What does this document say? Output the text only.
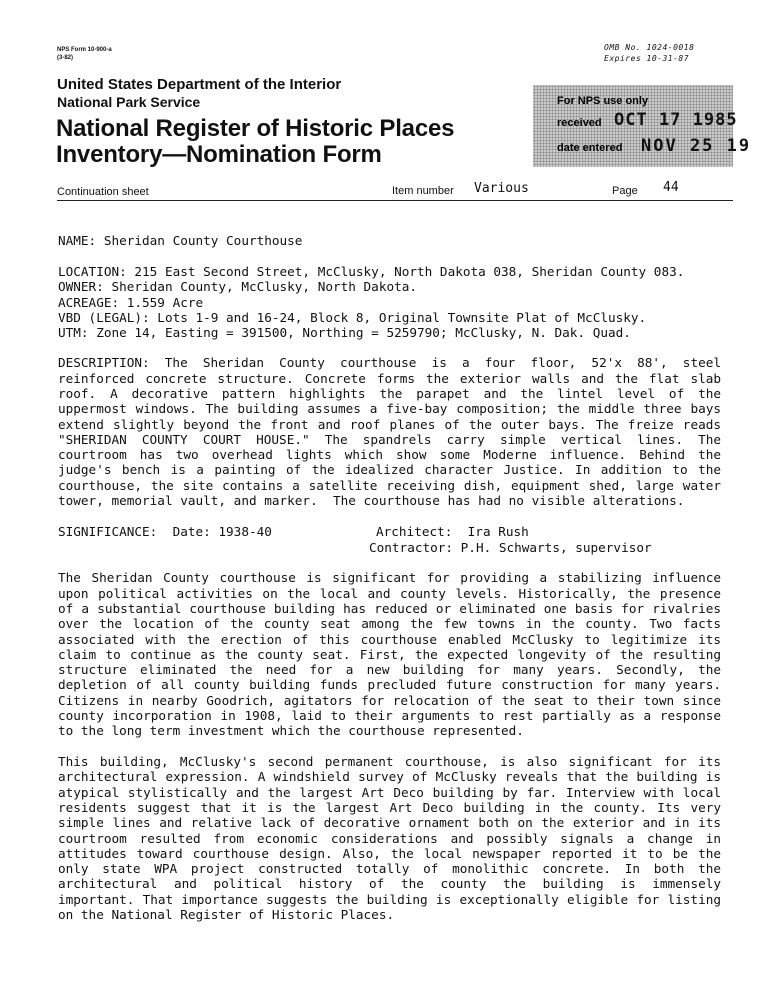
NPS Form 10-900-a
(3-82)
OMB No. 1024-0018
Expires 10-31-87
United States Department of the Interior
National Park Service
National Register of Historic Places
Inventory—Nomination Form
For NPS use only
received OCT 17 1985
date entered NOV 25 19
Continuation sheet	Item number Various	Page 44
NAME: Sheridan County Courthouse
LOCATION: 215 East Second Street, McClusky, North Dakota 038, Sheridan County 083.
OWNER: Sheridan County, McClusky, North Dakota.
ACREAGE: 1.559 Acre
VBD (LEGAL): Lots 1-9 and 16-24, Block 8, Original Townsite Plat of McClusky.
UTM: Zone 14, Easting = 391500, Northing = 5259790; McClusky, N. Dak. Quad.
DESCRIPTION: The Sheridan County courthouse is a four floor, 52'x 88', steel
reinforced concrete structure. Concrete forms the exterior walls and the flat slab
roof. A decorative pattern highlights the parapet and the lintel level of the
uppermost windows. The building assumes a five-bay composition; the middle three bays
extend slightly beyond the front and roof planes of the outer bays. The freize reads
"SHERIDAN COUNTY COURT HOUSE." The spandrels carry simple vertical lines. The
courtroom has two overhead lights which show some Moderne influence. Behind the
judge's bench is a painting of the idealized character Justice. In addition to the
courthouse, the site contains a satellite receiving dish, equipment shed, large water
tower, memorial vault, and marker.  The courthouse has had no visible alterations.
SIGNIFICANCE:  Date: 1938-40	Architect:  Ira Rush
Contractor: P.H. Schwarts, supervisor
The Sheridan County courthouse is significant for providing a stabilizing influence
upon political activities on the local and county levels. Historically, the presence
of a substantial courthouse building has reduced or eliminated one basis for rivalries
over the location of the county seat among the few towns in the county. Two facts
associated with the erection of this courthouse enabled McClusky to legitimize its
claim to continue as the county seat. First, the expected longevity of the resulting
structure eliminated the need for a new building for many years. Secondly, the
depletion of all county building funds precluded future construction for many years.
Citizens in nearby Goodrich, agitators for relocation of the seat to their town since
county incorporation in 1908, laid to their arguments to rest partially as a response
to the long term investment which the courthouse represented.
This building, McClusky's second permanent courthouse, is also significant for its
architectural expression. A windshield survey of McClusky reveals that the building is
atypical stylistically and the largest Art Deco building by far. Interview with local
residents suggest that it is the largest Art Deco building in the county. Its very
simple lines and relative lack of decorative ornament both on the exterior and in its
courtroom resulted from economic considerations and possibly signals a change in
attitudes toward courthouse design. Also, the local newspaper reported it to be the
only state WPA project constructed totally of monolithic concrete. In both the
architectural and political history of the county the building is immensely
important. That importance suggests the building is exceptionally eligible for listing
on the National Register of Historic Places.
